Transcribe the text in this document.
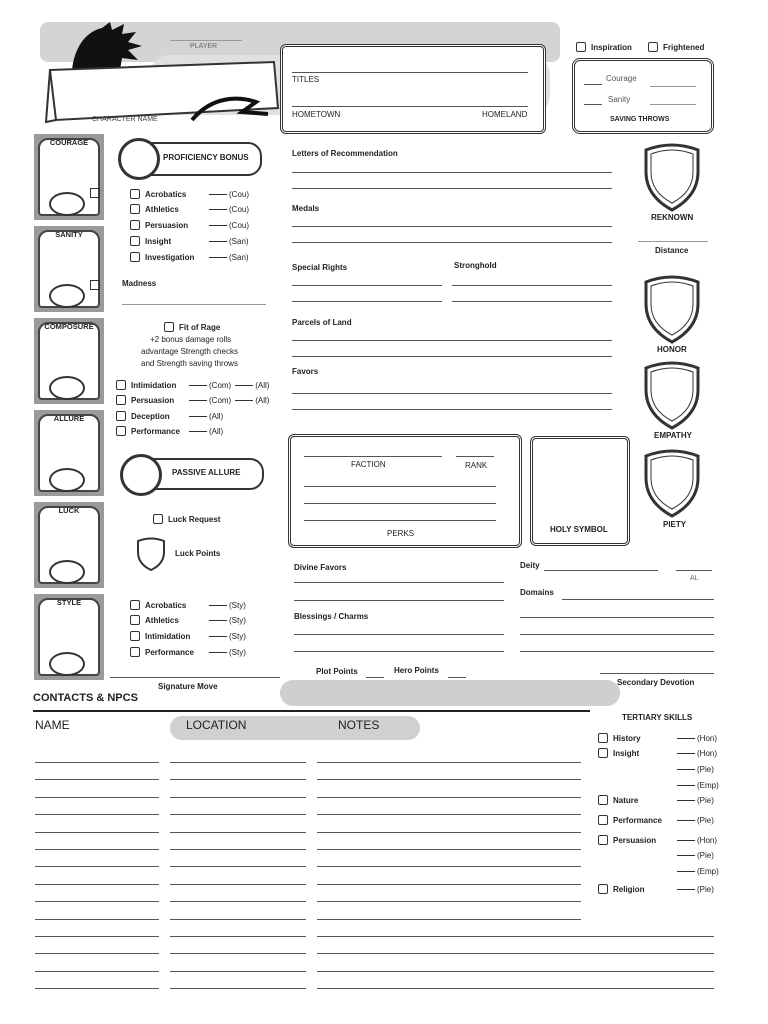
PLAYER
CHARACTER NAME
TITLES
HOMETOWN	HOMELAND
Inspiration	Frightened
Courage
Sanity
SAVING THROWS
COURAGE
SANITY
COMPOSURE
ALLURE
LUCK
STYLE
PROFICIENCY BONUS
Acrobatics	(Cou)
Athletics	(Cou)
Persuasion	(Cou)
Insight	(San)
Investigation	(San)
Madness
Fit of Rage
+2 bonus damage rolls
advantage Strength checks
and Strength saving throws
Intimidation	(Com)	(All)
Persuasion	(Com)	(All)
Deception	(All)
Performance	(All)
PASSIVE ALLURE
Luck Request
Luck Points
Acrobatics	(Sty)
Athletics	(Sty)
Intimidation	(Sty)
Performance	(Sty)
Signature Move
Letters of Recommendation
Medals
Special Rights	Stronghold
Parcels of Land
Favors
FACTION	RANK
PERKS	HOLY SYMBOL
Divine Favors
Blessings / Charms
Deity
AL
Domains
Plot Points	Hero Points
Secondary Devotion
REKNOWN
Distance
HONOR
EMPATHY
PIETY
CONTACTS & NPCS
NAME	LOCATION	NOTES
TERTIARY SKILLS
History	(Hon)
Insight	(Hon)
(Pie)
(Emp)
Nature	(Pie)
Performance	(Pie)
Persuasion	(Hon)
(Pie)
(Emp)
Religion	(Pie)
